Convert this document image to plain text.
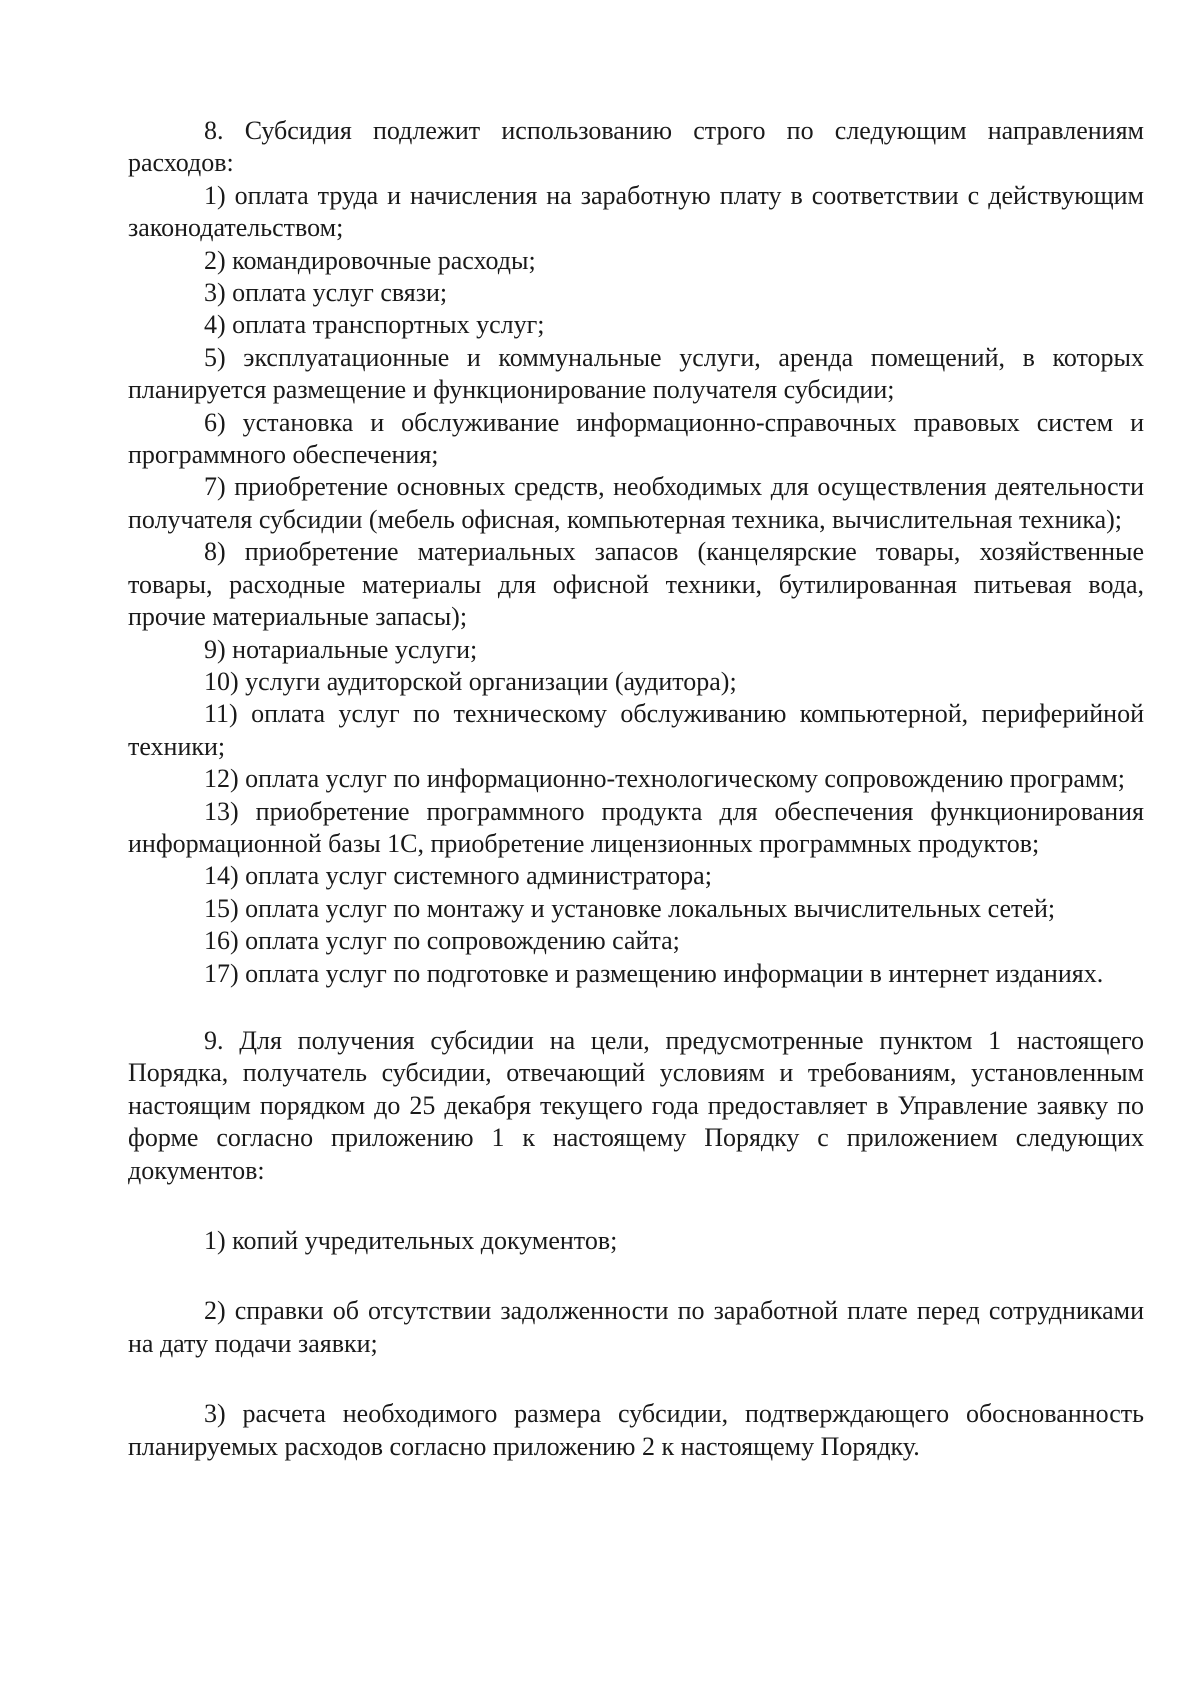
8. Субсидия подлежит использованию строго по следующим направлениям расходов:

1) оплата труда и начисления на заработную плату в соответствии с действующим законодательством;

2) командировочные расходы;

3) оплата услуг связи;

4) оплата транспортных услуг;

5) эксплуатационные и коммунальные услуги, аренда помещений, в которых планируется размещение и функционирование получателя субсидии;

6) установка и обслуживание информационно-справочных правовых систем и программного обеспечения;

7) приобретение основных средств, необходимых для осуществления деятельности получателя субсидии (мебель офисная, компьютерная техника, вычислительная техника);

8) приобретение материальных запасов (канцелярские товары, хозяйственные товары, расходные материалы для офисной техники, бутилированная питьевая вода, прочие материальные запасы);

9) нотариальные услуги;

10) услуги аудиторской организации (аудитора);

11) оплата услуг по техническому обслуживанию компьютерной, периферийной техники;

12) оплата услуг по информационно-технологическому сопровождению программ;

13) приобретение программного продукта для обеспечения функционирования информационной базы 1С, приобретение лицензионных программных продуктов;

14) оплата услуг системного администратора;

15) оплата услуг по монтажу и установке локальных вычислительных сетей;

16) оплата услуг по сопровождению сайта;

17) оплата услуг по подготовке и размещению информации в интернет изданиях.

9. Для получения субсидии на цели, предусмотренные пунктом 1 настоящего Порядка, получатель субсидии, отвечающий условиям и требованиям, установленным настоящим порядком до 25 декабря текущего года предоставляет в Управление заявку по форме согласно приложению 1 к настоящему Порядку с приложением следующих документов:

1) копий учредительных документов;

2) справки об отсутствии задолженности по заработной плате перед сотрудниками на дату подачи заявки;

3) расчета необходимого размера субсидии, подтверждающего обоснованность планируемых расходов согласно приложению 2 к настоящему Порядку.
